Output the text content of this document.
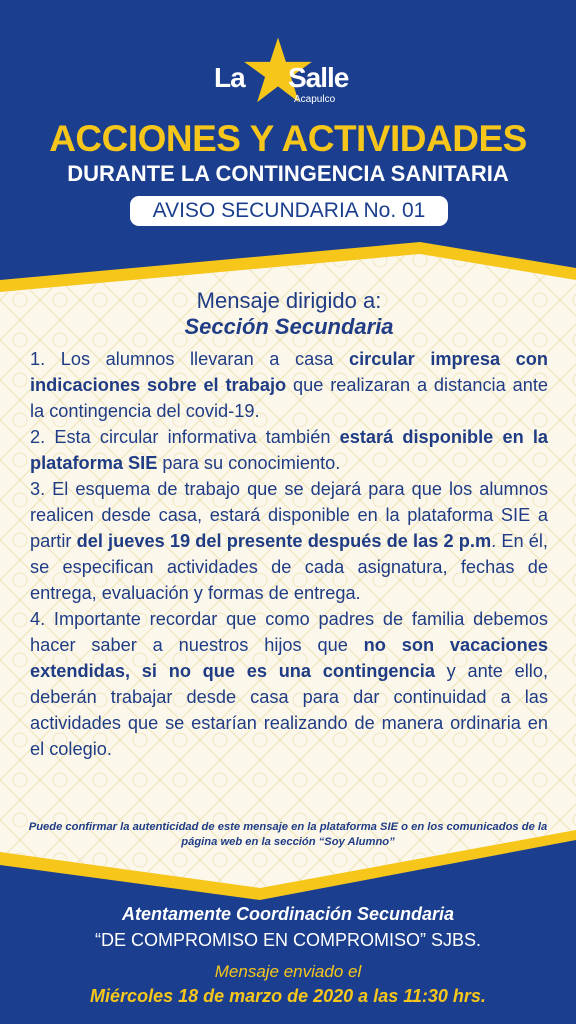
La Salle
Acapulco
ACCIONES Y ACTIVIDADES
DURANTE LA CONTINGENCIA SANITARIA
AVISO SECUNDARIA No. 01
Mensaje dirigido a:
Sección Secundaria
1. Los alumnos llevaran a casa circular impresa con indicaciones sobre el trabajo que realizaran a distancia ante la contingencia del covid-19.
2. Esta circular informativa también estará disponible en la plataforma SIE para su conocimiento.
3. El esquema de trabajo que se dejará para que los alumnos realicen desde casa, estará disponible en la plataforma SIE a partir del jueves 19 del presente después de las 2 p.m. En él, se especifican actividades de cada asignatura, fechas de entrega, evaluación y formas de entrega.
4. Importante recordar que como padres de familia debemos hacer saber a nuestros hijos que no son vacaciones extendidas, si no que es una contingencia y ante ello, deberán trabajar desde casa para dar continuidad a las actividades que se estarían realizando de manera ordinaria en el colegio.
Puede confirmar la autenticidad de este mensaje en la plataforma SIE o en los comunicados de la página web en la sección “Soy Alumno”
Atentamente Coordinación Secundaria
“DE COMPROMISO EN COMPROMISO” SJBS.
Mensaje enviado el
Miércoles 18 de marzo de 2020 a las 11:30 hrs.
